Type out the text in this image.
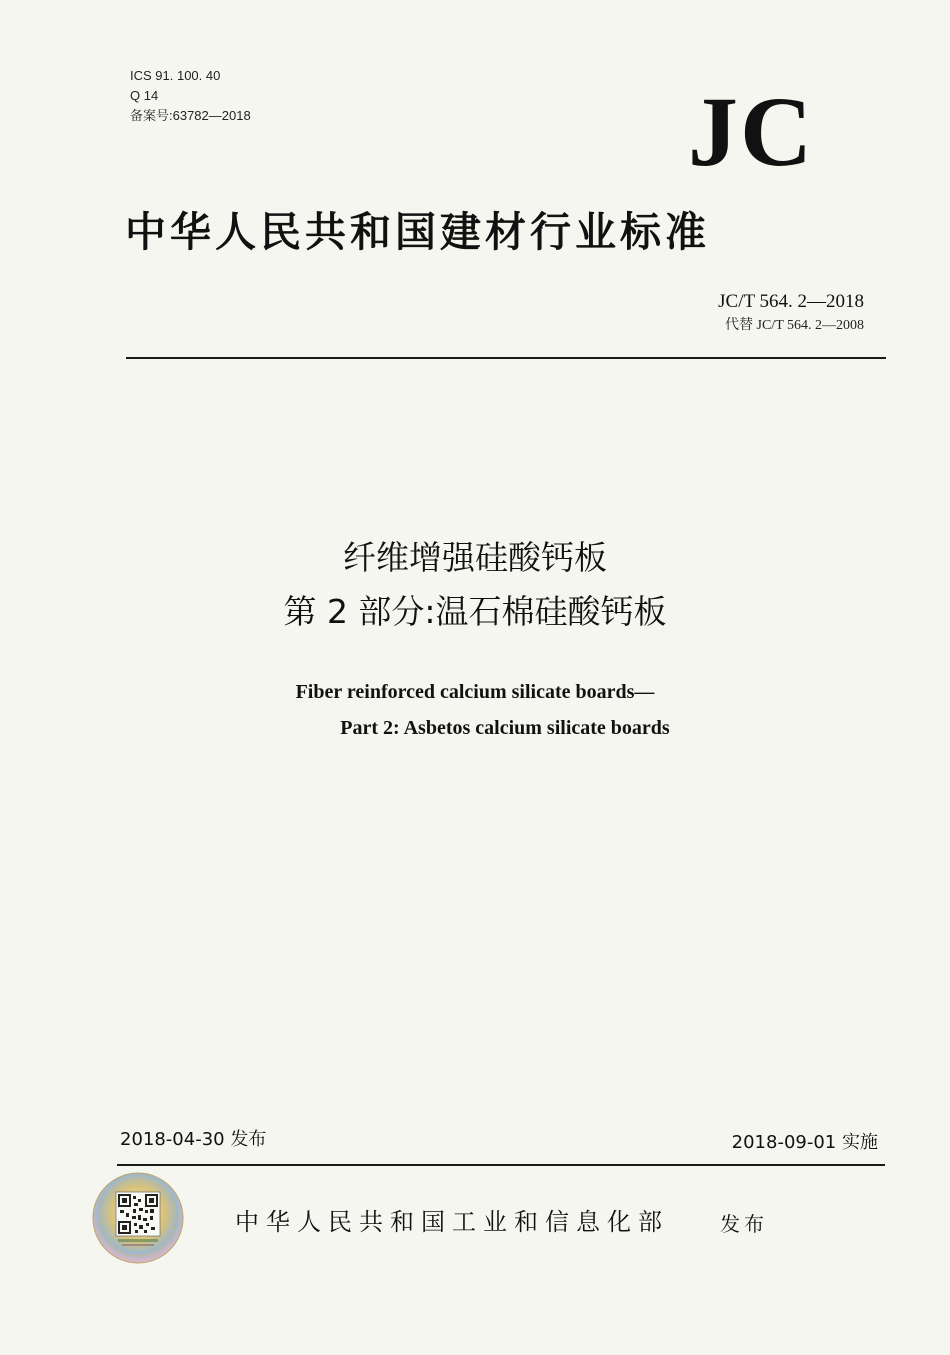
ICS 91. 100. 40
Q 14
备案号:63782—2018	JC
中华人民共和国建材行业标准
JC/T 564. 2—2018
代替 JC/T 564. 2—2008
纤维增强硅酸钙板
第 2 部分:温石棉硅酸钙板
Fiber reinforced calcium silicate boards—
Part 2: Asbetos calcium silicate boards
2018-04-30 发布	2018-09-01 实施
中华人民共和国工业和信息化部	发布
